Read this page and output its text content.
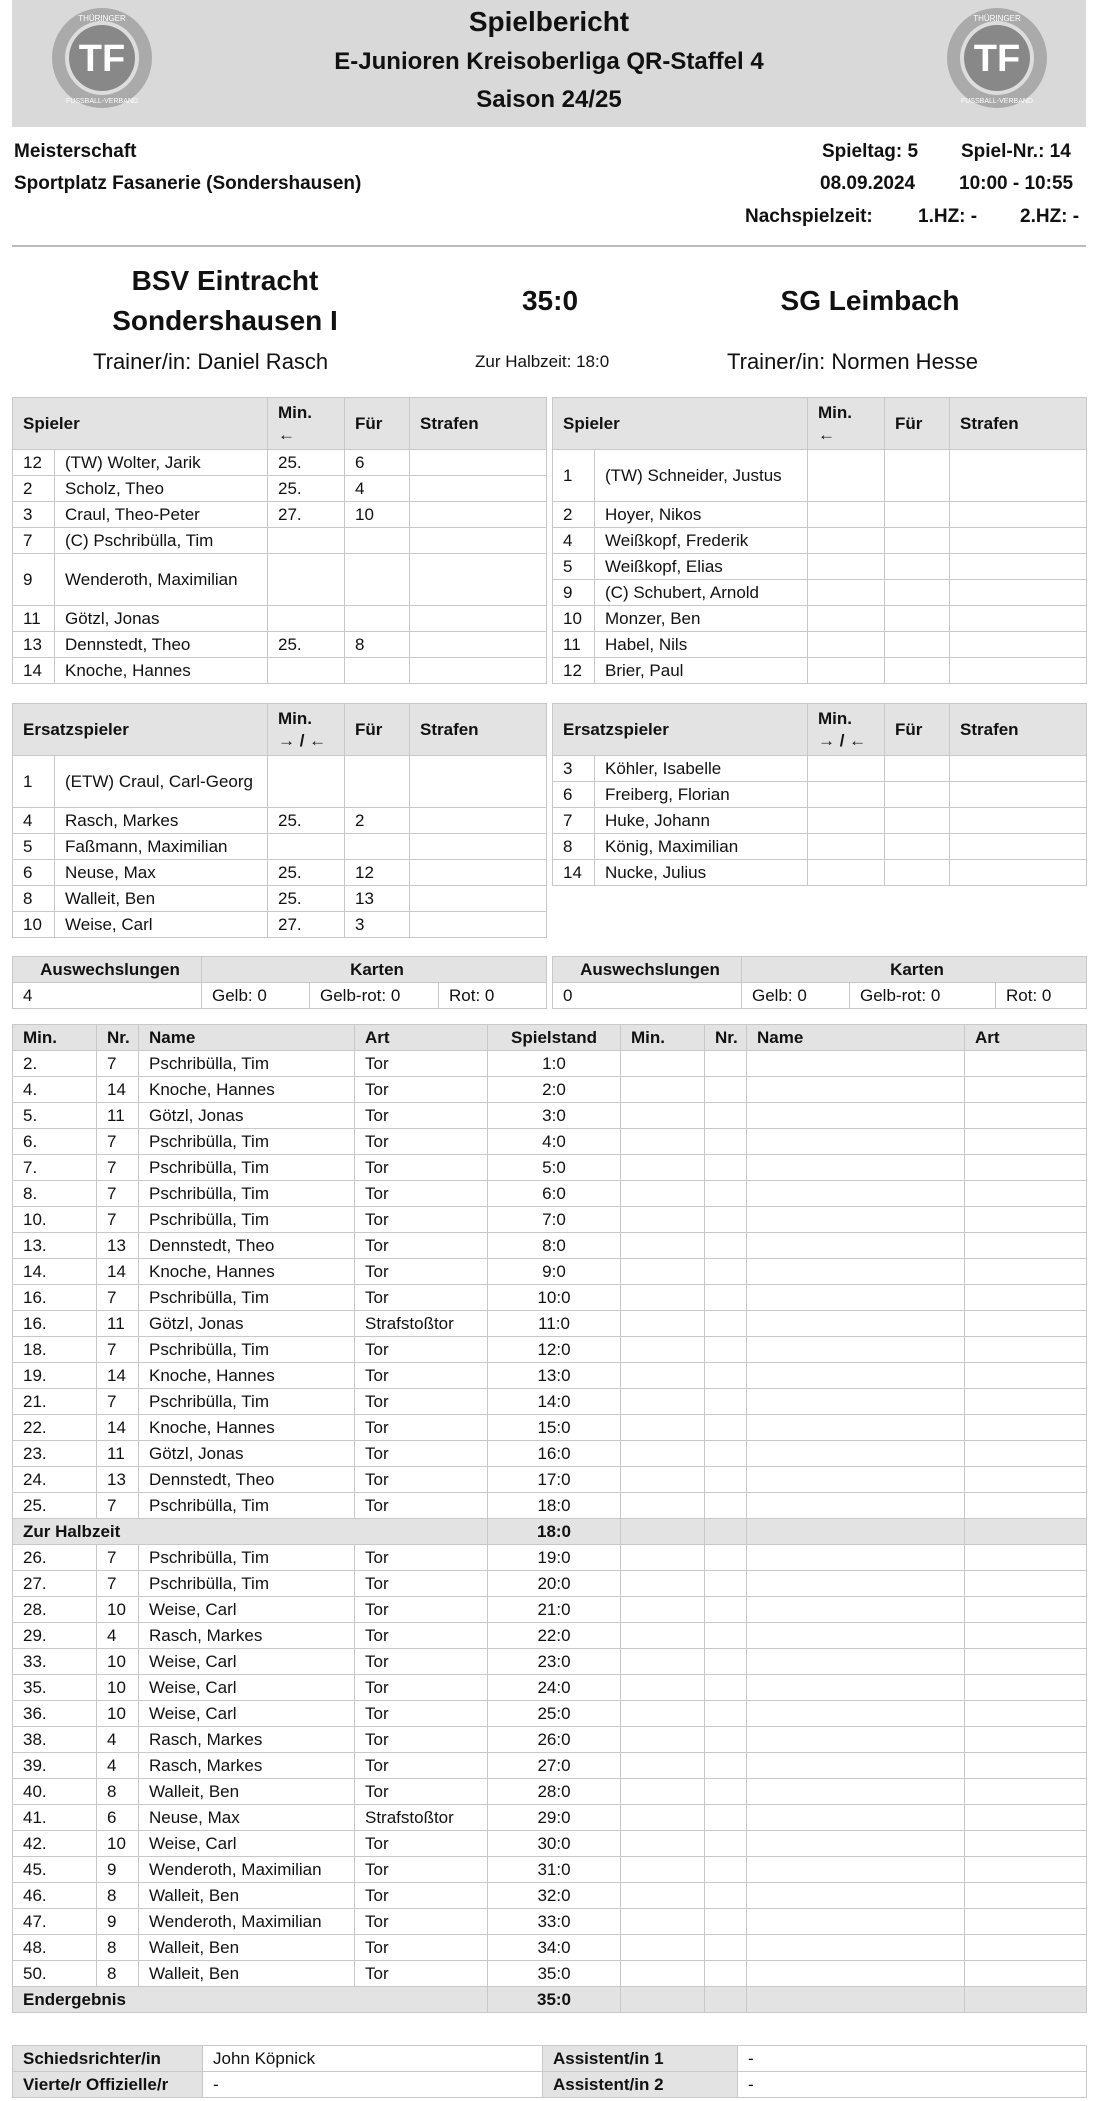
TF
THÜRINGER
FUSSBALL-VERBAND
Spielbericht
E-Junioren Kreisoberliga QR-Staffel 4
Saison 24/25
TF
THÜRINGER
FUSSBALL-VERBAND
Meisterschaft
Sportplatz Fasanerie (Sondershausen)
Spieltag: 5 Spiel-Nr.: 14
08.09.2024 10:00 - 10:55
Nachspielzeit: 1.HZ: - 2.HZ: -
BSV Eintracht
Sondershausen I
35:0	SG Leimbach
Trainer/in: Daniel Rasch	Zur Halbzeit: 18:0	Trainer/in: Normen Hesse
Spieler		Min.
←	Für	Strafen
12	(TW) Wolter, Jarik	25.	6	
2	Scholz, Theo	25.	4	
3	Craul, Theo-Peter	27.	10	
7	(C) Pschribülla, Tim			
9	Wenderoth, Maximilian			
11	Götzl, Jonas			
13	Dennstedt, Theo	25.	8	
14	Knoche, Hannes			
Spieler		Min.
←	Für	Strafen
1	(TW) Schneider, Justus			
2	Hoyer, Nikos			
4	Weißkopf, Frederik			
5	Weißkopf, Elias			
9	(C) Schubert, Arnold			
10	Monzer, Ben			
11	Habel, Nils			
12	Brier, Paul			
Ersatzspieler		Min.
→ / ←	Für	Strafen
1	(ETW) Craul, Carl-Georg			
4	Rasch, Markes	25.	2	
5	Faßmann, Maximilian			
6	Neuse, Max	25.	12	
8	Walleit, Ben	25.	13	
10	Weise, Carl	27.	3	
Ersatzspieler		Min.
→ / ←	Für	Strafen
3	Köhler, Isabelle			
6	Freiberg, Florian			
7	Huke, Johann			
8	König, Maximilian			
14	Nucke, Julius			
Auswechslungen	Karten		
4	Gelb: 0	Gelb-rot: 0	Rot: 0
Auswechslungen	Karten		
0	Gelb: 0	Gelb-rot: 0	Rot: 0
Min.	Nr.	Name	Art	Spielstand	Min.	Nr.	Name	Art
2.	7	Pschribülla, Tim	Tor	1:0				
4.	14	Knoche, Hannes	Tor	2:0				
5.	11	Götzl, Jonas	Tor	3:0				
6.	7	Pschribülla, Tim	Tor	4:0				
7.	7	Pschribülla, Tim	Tor	5:0				
8.	7	Pschribülla, Tim	Tor	6:0				
10.	7	Pschribülla, Tim	Tor	7:0				
13.	13	Dennstedt, Theo	Tor	8:0				
14.	14	Knoche, Hannes	Tor	9:0				
16.	7	Pschribülla, Tim	Tor	10:0				
16.	11	Götzl, Jonas	Strafstoßtor	11:0				
18.	7	Pschribülla, Tim	Tor	12:0				
19.	14	Knoche, Hannes	Tor	13:0				
21.	7	Pschribülla, Tim	Tor	14:0				
22.	14	Knoche, Hannes	Tor	15:0				
23.	11	Götzl, Jonas	Tor	16:0				
24.	13	Dennstedt, Theo	Tor	17:0				
25.	7	Pschribülla, Tim	Tor	18:0				
Zur Halbzeit				18:0				
26.	7	Pschribülla, Tim	Tor	19:0				
27.	7	Pschribülla, Tim	Tor	20:0				
28.	10	Weise, Carl	Tor	21:0				
29.	4	Rasch, Markes	Tor	22:0				
33.	10	Weise, Carl	Tor	23:0				
35.	10	Weise, Carl	Tor	24:0				
36.	10	Weise, Carl	Tor	25:0				
38.	4	Rasch, Markes	Tor	26:0				
39.	4	Rasch, Markes	Tor	27:0				
40.	8	Walleit, Ben	Tor	28:0				
41.	6	Neuse, Max	Strafstoßtor	29:0				
42.	10	Weise, Carl	Tor	30:0				
45.	9	Wenderoth, Maximilian	Tor	31:0				
46.	8	Walleit, Ben	Tor	32:0				
47.	9	Wenderoth, Maximilian	Tor	33:0				
48.	8	Walleit, Ben	Tor	34:0				
50.	8	Walleit, Ben	Tor	35:0				
Endergebnis				35:0				
Schiedsrichter/in	John Köpnick	Assistent/in 1	-
Vierte/r Offizielle/r	-	Assistent/in 2	-
